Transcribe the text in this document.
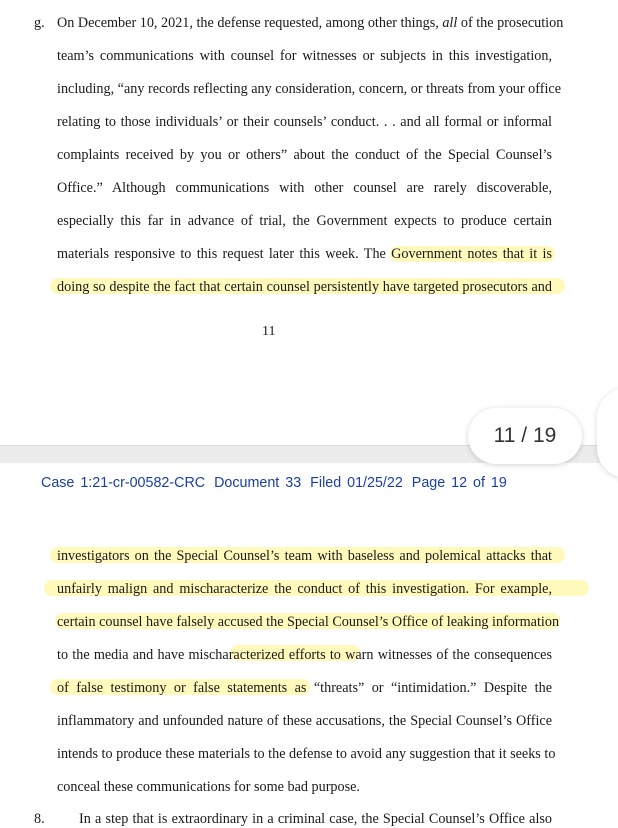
g. On December 10, 2021, the defense requested, among other things, all of the prosecution
team’s communications with counsel for witnesses or subjects in this investigation,
including, “any records reflecting any consideration, concern, or threats from your office
relating to those individuals’ or their counsels’ conduct. . . and all formal or informal
complaints received by you or others” about the conduct of the Special Counsel’s
Office.” Although communications with other counsel are rarely discoverable,
especially this far in advance of trial, the Government expects to produce certain
materials responsive to this request later this week. The Government notes that it is
doing so despite the fact that certain counsel persistently have targeted prosecutors and
11
Case 1:21-cr-00582-CRC Document 33 Filed 01/25/22 Page 12 of 19
investigators on the Special Counsel’s team with baseless and polemical attacks that
unfairly malign and mischaracterize the conduct of this investigation. For example,
certain counsel have falsely accused the Special Counsel’s Office of leaking information
to the media and have mischaracterized efforts to warn witnesses of the consequences
of false testimony or false statements as “threats” or “intimidation.” Despite the
inflammatory and unfounded nature of these accusations, the Special Counsel’s Office
intends to produce these materials to the defense to avoid any suggestion that it seeks to
conceal these communications for some bad purpose.
8. In a step that is extraordinary in a criminal case, the Special Counsel’s Office also
11 / 19
